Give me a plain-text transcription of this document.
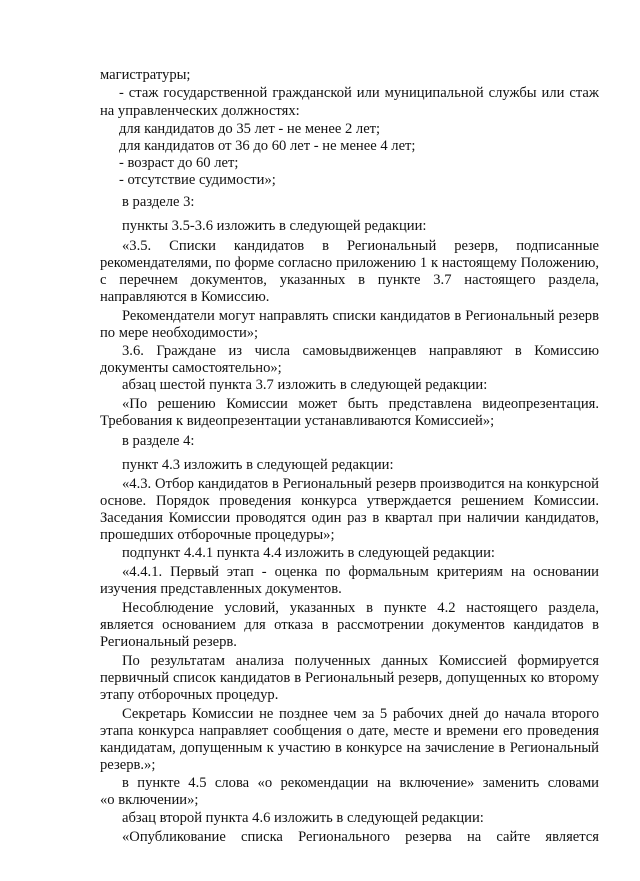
магистратуры;
- стаж государственной гражданской или муниципальной службы или стаж
на управленческих должностях:
для кандидатов до 35 лет - не менее 2 лет;
для кандидатов от 36 до 60 лет - не менее 4 лет;
- возраст до 60 лет;
- отсутствие судимости»;
в разделе 3:
пункты 3.5-3.6 изложить в следующей редакции:
«3.5. Списки кандидатов в Региональный резерв, подписанные
рекомендателями, по форме согласно приложению 1 к настоящему Положению,
с перечнем документов, указанных в пункте 3.7 настоящего раздела,
направляются в Комиссию.
Рекомендатели могут направлять списки кандидатов в Региональный резерв
по мере необходимости»;
3.6. Граждане из числа самовыдвиженцев направляют в Комиссию
документы самостоятельно»;
абзац шестой пункта 3.7 изложить в следующей редакции:
«По решению Комиссии может быть представлена видеопрезентация.
Требования к видеопрезентации устанавливаются Комиссией»;
в разделе 4:
пункт 4.3 изложить в следующей редакции:
«4.3. Отбор кандидатов в Региональный резерв производится на конкурсной
основе. Порядок проведения конкурса утверждается решением Комиссии.
Заседания Комиссии проводятся один раз в квартал при наличии кандидатов,
прошедших отборочные процедуры»;
подпункт 4.4.1 пункта 4.4 изложить в следующей редакции:
«4.4.1. Первый этап - оценка по формальным критериям на основании
изучения представленных документов.
Несоблюдение условий, указанных в пункте 4.2 настоящего раздела,
является основанием для отказа в рассмотрении документов кандидатов в
Региональный резерв.
По результатам анализа полученных данных Комиссией формируется
первичный список кандидатов в Региональный резерв, допущенных ко второму
этапу отборочных процедур.
Секретарь Комиссии не позднее чем за 5 рабочих дней до начала второго
этапа конкурса направляет сообщения о дате, месте и времени его проведения
кандидатам, допущенным к участию в конкурсе на зачисление в Региональный
резерв.»;
в пункте 4.5 слова «о рекомендации на включение» заменить словами
«о включении»;
абзац второй пункта 4.6 изложить в следующей редакции:
«Опубликование списка Регионального резерва на сайте является
